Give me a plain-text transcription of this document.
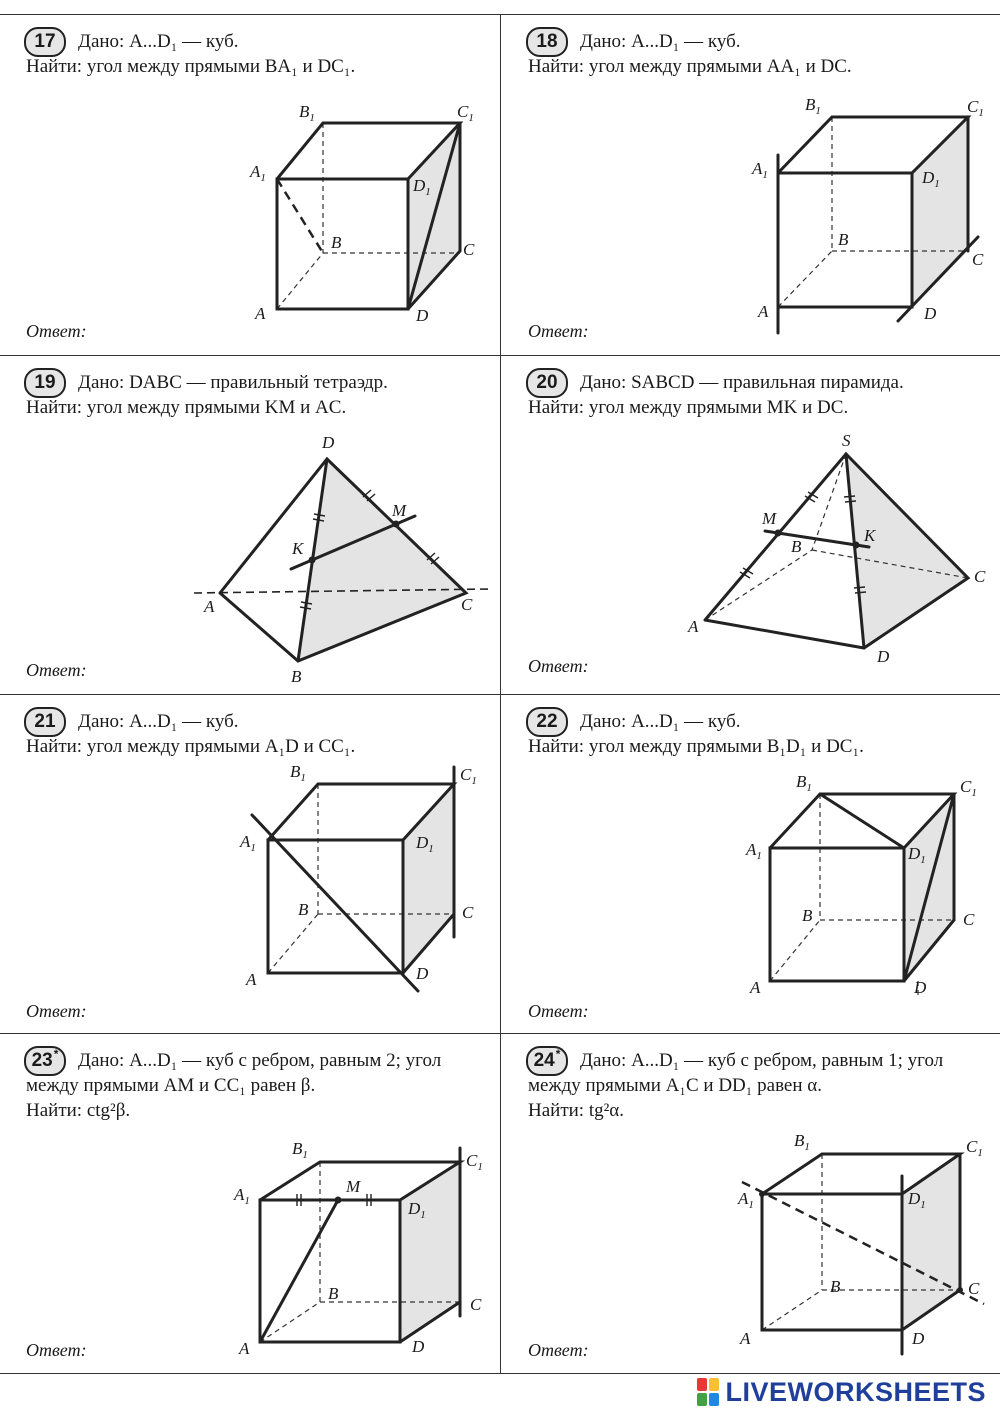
17	Дано: A...D₁ — куб.

Найти: угол между прямыми BA₁ и DC₁.

$B_1$	$C_1$
$A_1$	$D_1$
B	C
A	D
Ответ:
18	Дано: A...D₁ — куб.

Найти: угол между прямыми AA₁ и DC.

$B_1$	$C_1$
$A_1$	$D_1$
B
C
A	D
Ответ:
19	Дано: DABC — правильный тетраэдр.

Найти: угол между прямыми KM и AC.

D
M
K
A	C
B
Ответ:
20	Дано: SABCD — правильная пирамида.

Найти: угол между прямыми MK и DC.

S
M
B
K
C
A
D
Ответ:
21	Дано: A...D₁ — куб.

Найти: угол между прямыми A₁D и CC₁.

$B_1$	$C_1$
$A_1$	$D_1$
B	C
A	D
Ответ:
22	Дано: A...D₁ — куб.

Найти: угол между прямыми B₁D₁ и DC₁.

$B_1$	$C_1$
$A_1$	$D_1$
B	C
A	D
Ответ:
23*	Дано: A...D₁ — куб с ребром, равным 2; угол между прямыми AM и CC₁ равен β.

Найти: ctg²β.

$B_1$	$C_1$
$A_1$	$D_1$
M
B
C
A	D
Ответ:
24*	Дано: A...D₁ — куб с ребром, равным 1; угол между прямыми A₁C и DD₁ равен α.

Найти: tg²α.

$B_1$	$C_1$
$A_1$	$D_1$
B	C
A	D
Ответ:
LIVEWORKSHEETS
